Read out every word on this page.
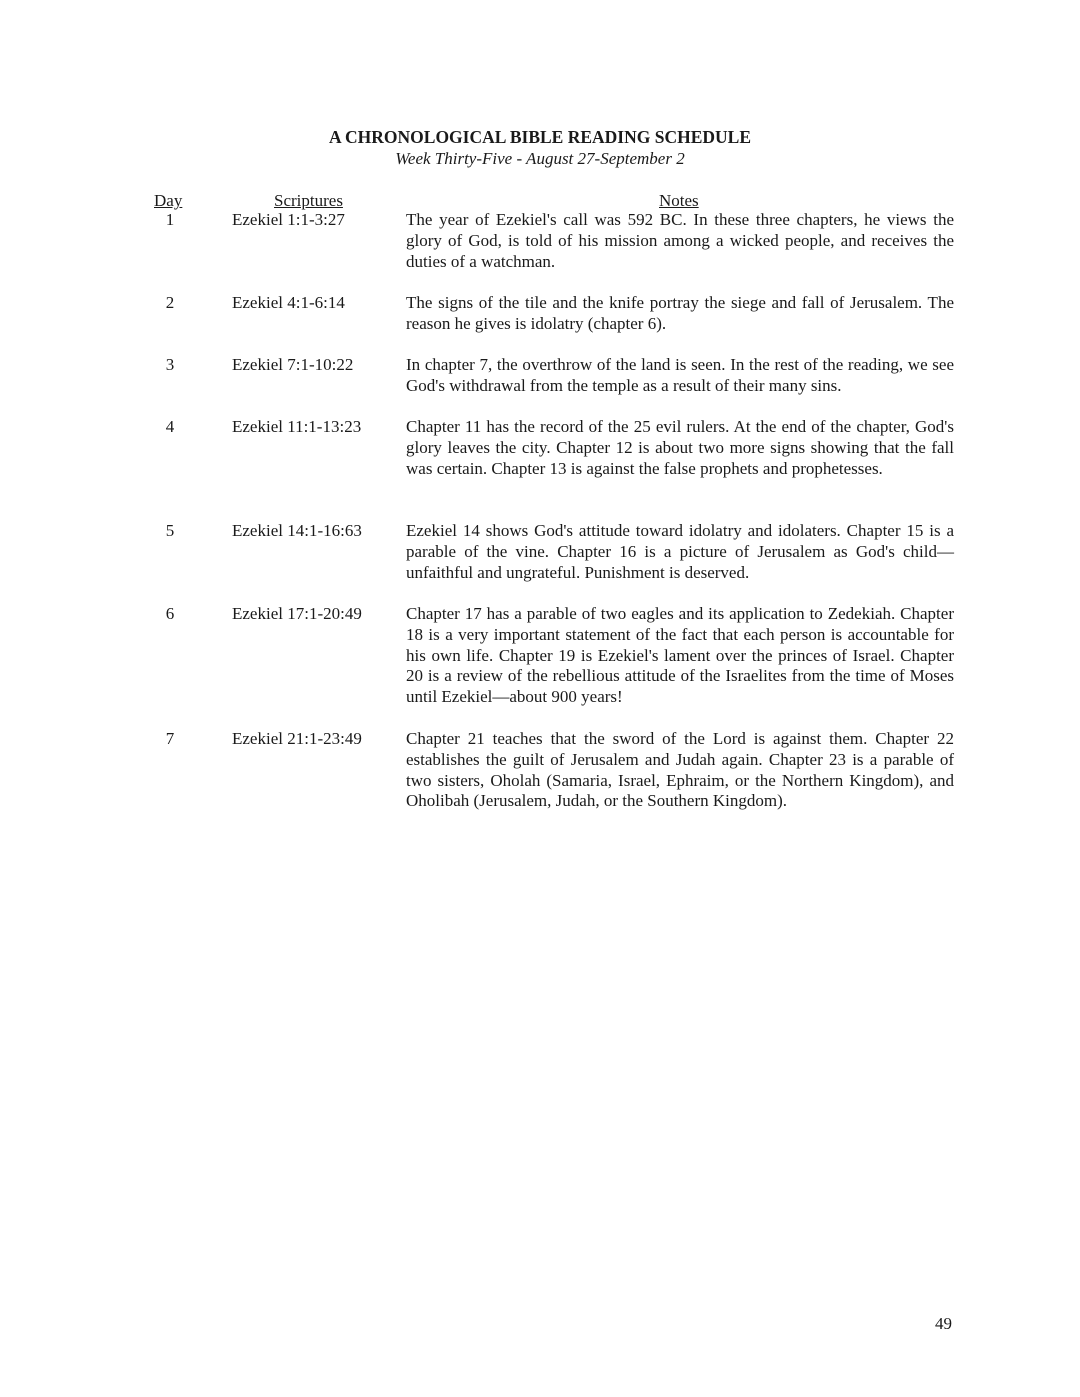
A CHRONOLOGICAL BIBLE READING SCHEDULE
Week Thirty-Five - August 27-September 2
Day	Scriptures	Notes
1	Ezekiel 1:1-3:27	The year of Ezekiel's call was 592 BC. In these three chapters, he views the glory of God, is told of his mission among a wicked people, and receives the duties of a watchman.
2	Ezekiel 4:1-6:14	The signs of the tile and the knife portray the siege and fall of Jerusalem. The reason he gives is idolatry (chapter 6).
3	Ezekiel 7:1-10:22	In chapter 7, the overthrow of the land is seen. In the rest of the reading, we see God's withdrawal from the temple as a result of their many sins.
4	Ezekiel 11:1-13:23	Chapter 11 has the record of the 25 evil rulers. At the end of the chapter, God's glory leaves the city. Chapter 12 is about two more signs showing that the fall was certain. Chapter 13 is against the false prophets and prophetesses.
5	Ezekiel 14:1-16:63	Ezekiel 14 shows God's attitude toward idolatry and idolaters. Chapter 15 is a parable of the vine. Chapter 16 is a picture of Jerusalem as God's child—unfaithful and ungrateful. Punishment is deserved.
6	Ezekiel 17:1-20:49	Chapter 17 has a parable of two eagles and its application to Zedekiah. Chapter 18 is a very important statement of the fact that each person is accountable for his own life. Chapter 19 is Ezekiel's lament over the princes of Israel. Chapter 20 is a review of the rebellious attitude of the Israelites from the time of Moses until Ezekiel—about 900 years!
7	Ezekiel 21:1-23:49	Chapter 21 teaches that the sword of the Lord is against them. Chapter 22 establishes the guilt of Jerusalem and Judah again. Chapter 23 is a parable of two sisters, Oholah (Samaria, Israel, Ephraim, or the Northern Kingdom), and Oholibah (Jerusalem, Judah, or the Southern Kingdom).
49
